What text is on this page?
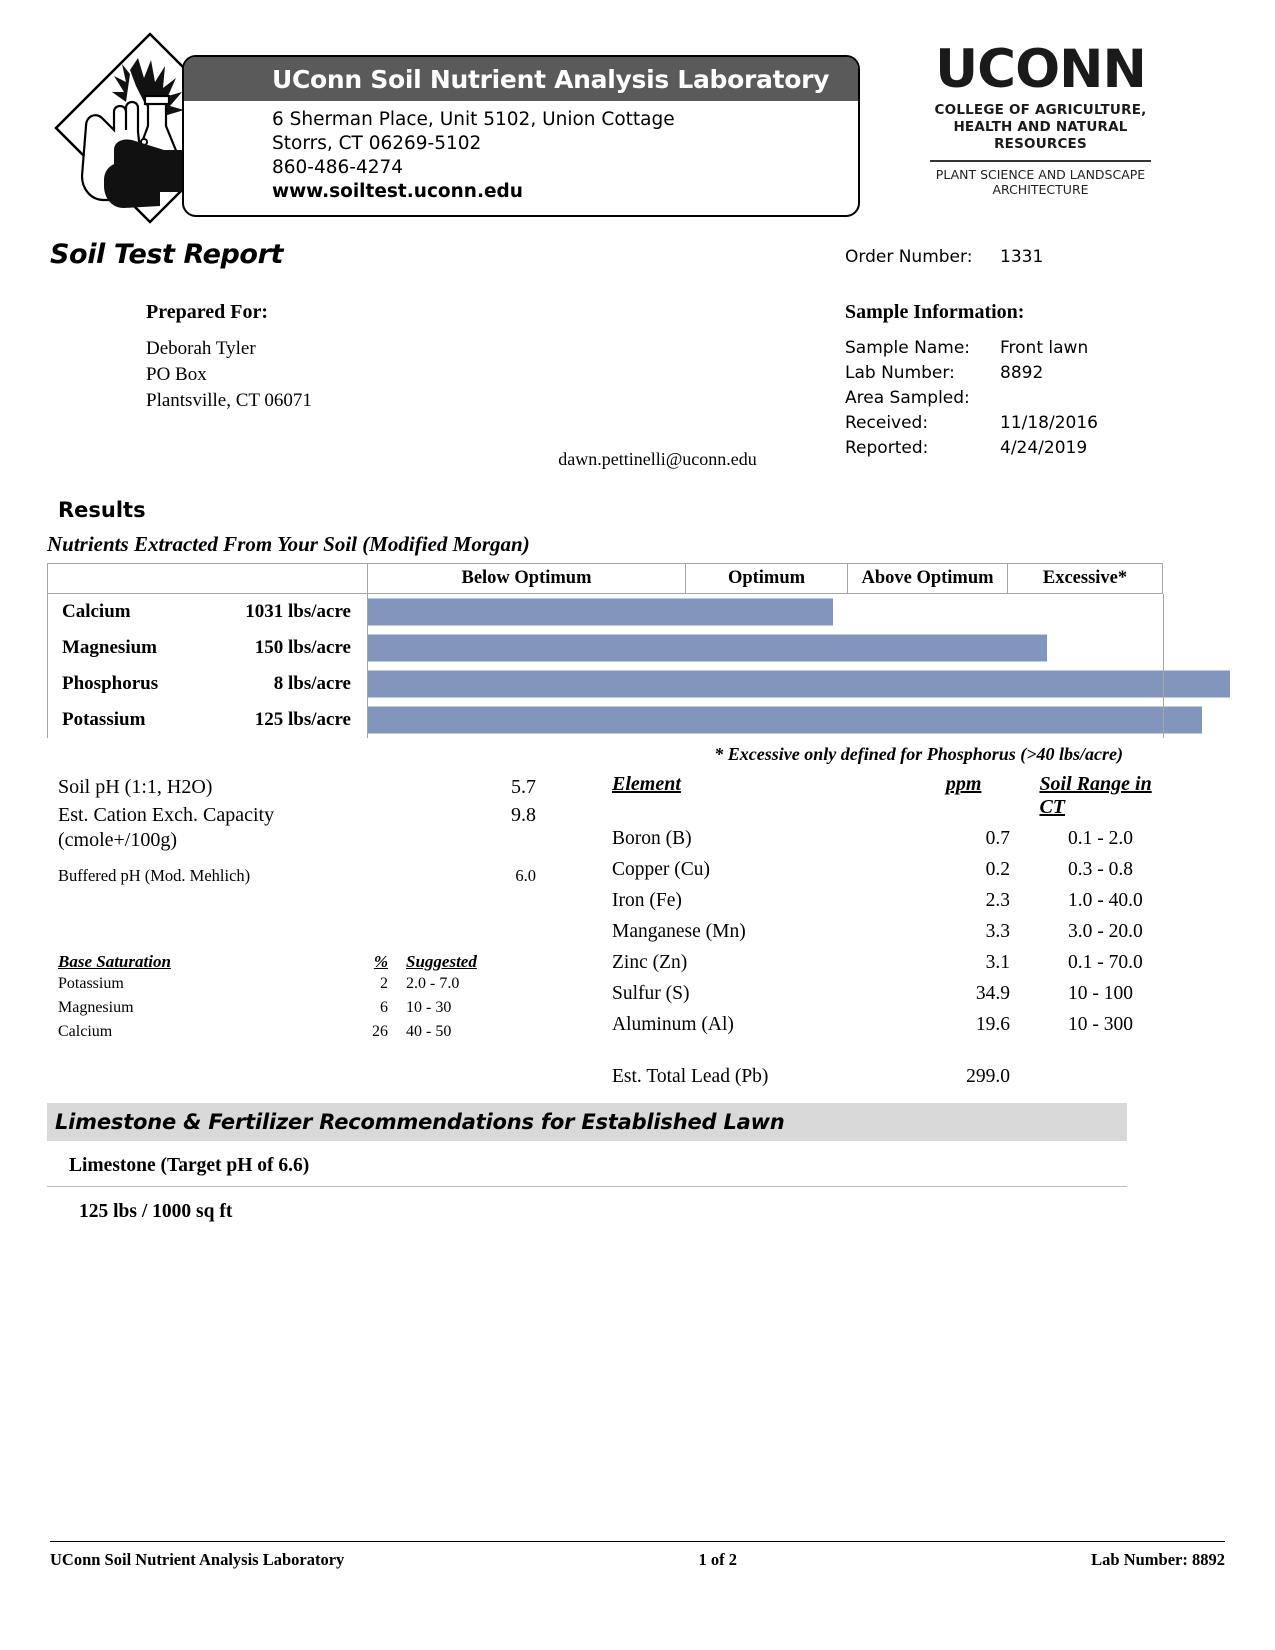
UConn Soil Nutrient Analysis Laboratory
6 Sherman Place, Unit 5102, Union Cottage
Storrs, CT 06269-5102
860-486-4274
www.soiltest.uconn.edu
UCONN
COLLEGE OF AGRICULTURE,
HEALTH AND NATURAL
RESOURCES
PLANT SCIENCE AND LANDSCAPE
ARCHITECTURE
Soil Test Report	Order Number: 1331
Prepared For:
Deborah Tyler
PO Box
Plantsville, CT 06071
Sample Information:
Sample Name:	Front lawn
Lab Number:	8892
Area Sampled:
Received:	11/18/2016
Reported:	4/24/2019
dawn.pettinelli@uconn.edu
Results
Nutrients Extracted From Your Soil (Modified Morgan)
	Below Optimum	Optimum	Above Optimum	Excessive*

Calcium 1031 lbs/acre				

Magnesium 150 lbs/acre				

Phosphorus 8 lbs/acre				

Potassium 125 lbs/acre				

* Excessive only defined for Phosphorus (>40 lbs/acre)
Soil pH (1:1, H2O)	5.7
Est. Cation Exch. Capacity	9.8
(cmole+/100g)
Buffered pH (Mod. Mehlich)	6.0
Base Saturation	%	Suggested
Potassium	2	2.0 - 7.0
Magnesium	6	10 - 30
Calcium	26	40 - 50
Element	ppm	Soil Range in CT
Boron (B)	0.7	0.1 - 2.0
Copper (Cu)	0.2	0.3 - 0.8
Iron (Fe)	2.3	1.0 - 40.0
Manganese (Mn)	3.3	3.0 - 20.0
Zinc (Zn)	3.1	0.1 - 70.0
Sulfur (S)	34.9	10 - 100
Aluminum (Al)	19.6	10 - 300
Est. Total Lead (Pb)	299.0
Limestone & Fertilizer Recommendations for Established Lawn
Limestone (Target pH of 6.6)
125 lbs / 1000 sq ft
UConn Soil Nutrient Analysis Laboratory	1 of 2	Lab Number: 8892
